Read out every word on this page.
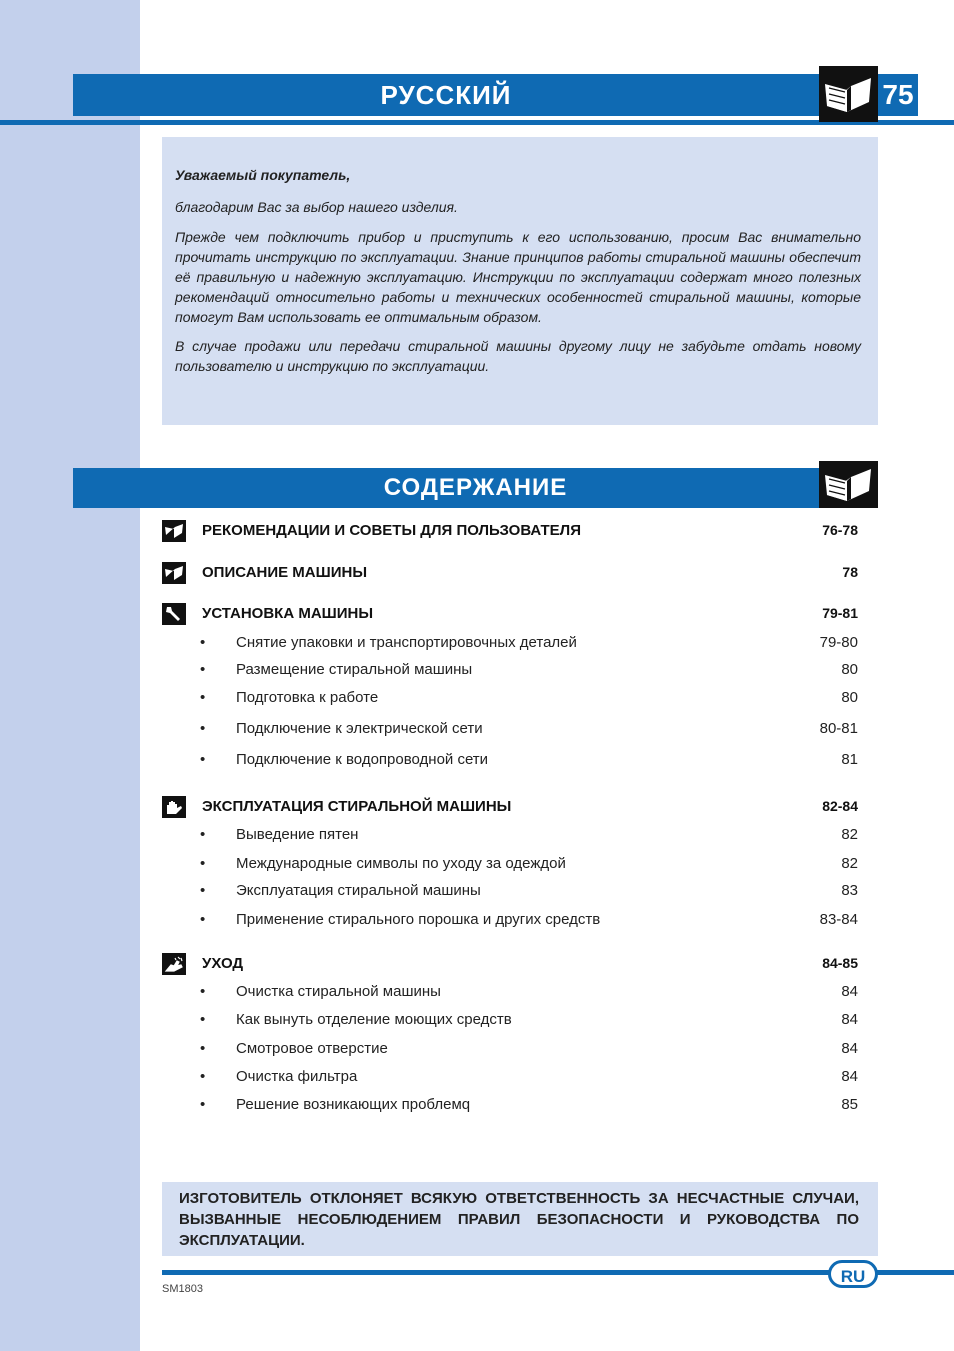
РУССКИЙ	75

Уважаемый покупатель,

благодарим Вас за выбор нашего изделия.

Прежде чем подключить прибор и приступить к его использованию, просим Вас внимательно прочитать инструкцию по эксплуатации. Знание принципов работы стиральной машины обеспечит её правильную и надежную эксплуатацию. Инструкции по эксплуатации содержат много полезных рекомендаций относительно работы и технических особенностей стиральной машины, которые помогут Вам использовать ее оптимальным образом.

В случае продажи или передачи стиральной машины другому лицу не забудьте отдать новому пользователю и инструкцию по эксплуатации.

СОДЕРЖАНИЕ
РЕКОМЕНДАЦИИ И СОВЕТЫ ДЛЯ ПОЛЬЗОВАТЕЛЯ	76-78
ОПИСАНИЕ МАШИНЫ	78
УСТАНОВКА МАШИНЫ	79-81
• Снятие упаковки и транспортировочных деталей	79-80
• Размещение стиральной машины	80
• Подготовка к работе	80
• Подключение к электрической сети	80-81
• Подключение к водопроводной сети	81
ЭКСПЛУАТАЦИЯ СТИРАЛЬНОЙ МАШИНЫ	82-84
• Выведение пятен	82
• Международные символы по уходу за одеждой	82
• Эксплуатация стиральной машины	83
• Применение стирального порошка и других средств	83-84
УХОД	84-85
• Очистка стиральной машины	84
• Как вынуть отделение моющих средств	84
• Смотровое отверстие	84
• Очистка фильтра	84
• Решение возникающих проблемq	85

ИЗГОТОВИТЕЛЬ ОТКЛОНЯЕТ ВСЯКУЮ ОТВЕТСТВЕННОСТЬ ЗА НЕСЧАСТНЫЕ СЛУЧАИ, ВЫЗВАННЫЕ НЕСОБЛЮДЕНИЕМ ПРАВИЛ БЕЗОПАСНОСТИ И РУКОВОДСТВА ПО ЭКСПЛУАТАЦИИ.

RU
SM1803
